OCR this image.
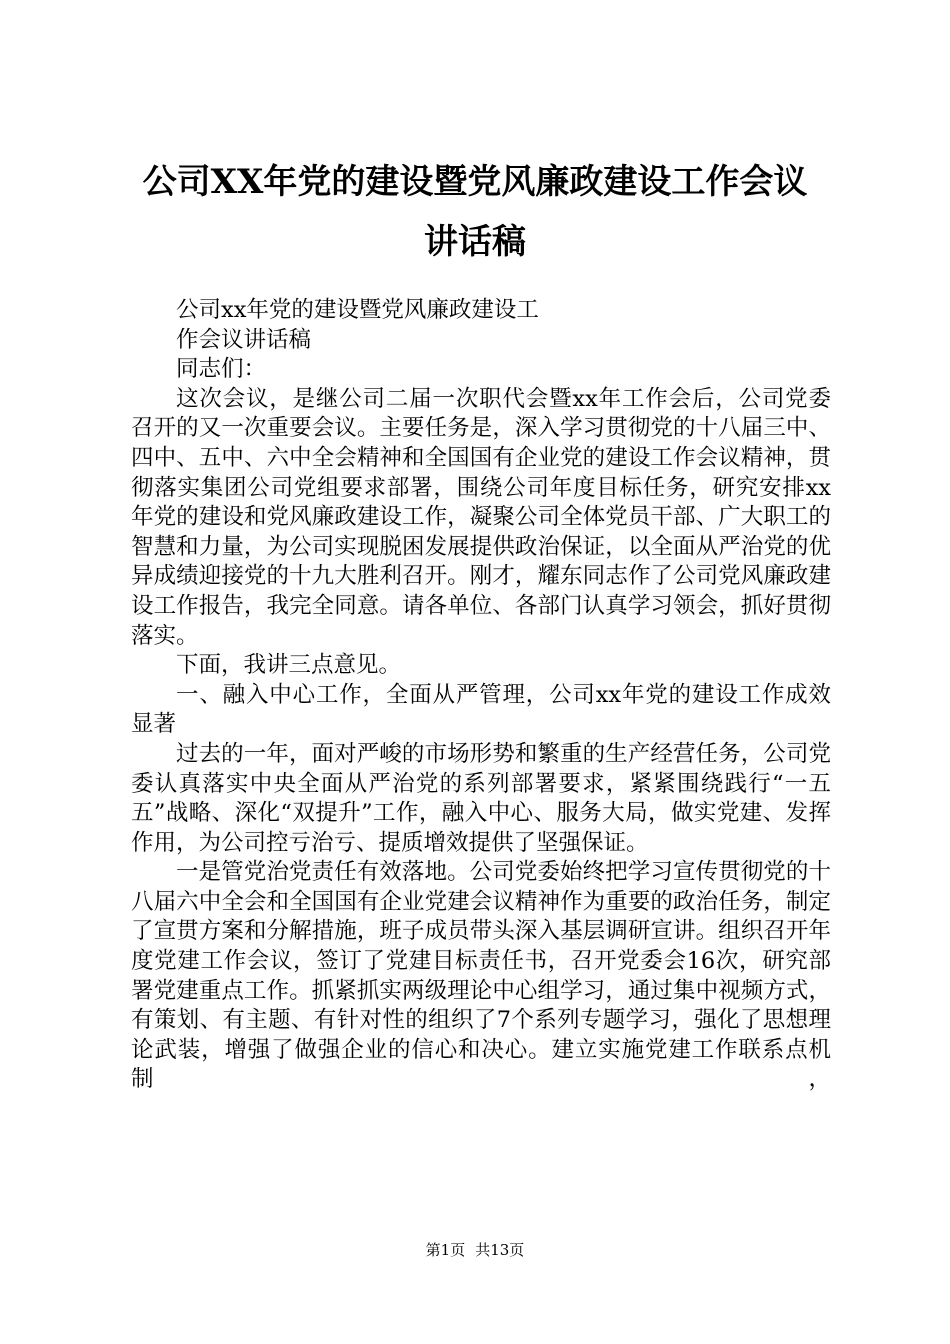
公司XX年党的建设暨党风廉政建设工作会议
讲话稿

公司xx年党的建设暨党风廉政建设工

作会议讲话稿

同志们：

这次会议，是继公司二届一次职代会暨xx年工作会后，公司党委召开的又一次重要会议。主要任务是，深入学习贯彻党的十八届三中、四中、五中、六中全会精神和全国国有企业党的建设工作会议精神，贯彻落实集团公司党组要求部署，围绕公司年度目标任务，研究安排xx年党的建设和党风廉政建设工作，凝聚公司全体党员干部、广大职工的智慧和力量，为公司实现脱困发展提供政治保证，以全面从严治党的优异成绩迎接党的十九大胜利召开。刚才，耀东同志作了公司党风廉政建设工作报告，我完全同意。请各单位、各部门认真学习领会，抓好贯彻落实。

下面，我讲三点意见。

一、融入中心工作，全面从严管理，公司xx年党的建设工作成效显著

过去的一年，面对严峻的市场形势和繁重的生产经营任务，公司党委认真落实中央全面从严治党的系列部署要求，紧紧围绕践行“一五五”战略、深化“双提升”工作，融入中心、服务大局，做实党建、发挥作用，为公司控亏治亏、提质增效提供了坚强保证。

一是管党治党责任有效落地。公司党委始终把学习宣传贯彻党的十八届六中全会和全国国有企业党建会议精神作为重要的政治任务，制定了宣贯方案和分解措施，班子成员带头深入基层调研宣讲。组织召开年度党建工作会议，签订了党建目标责任书，召开党委会16次，研究部署党建重点工作。抓紧抓实两级理论中心组学习，通过集中视频方式，有策划、有主题、有针对性的组织了7个系列专题学习，强化了思想理论武装，增强了做强企业的信心和决心。建立实施党建工作联系点机制，

第1页 共13页
